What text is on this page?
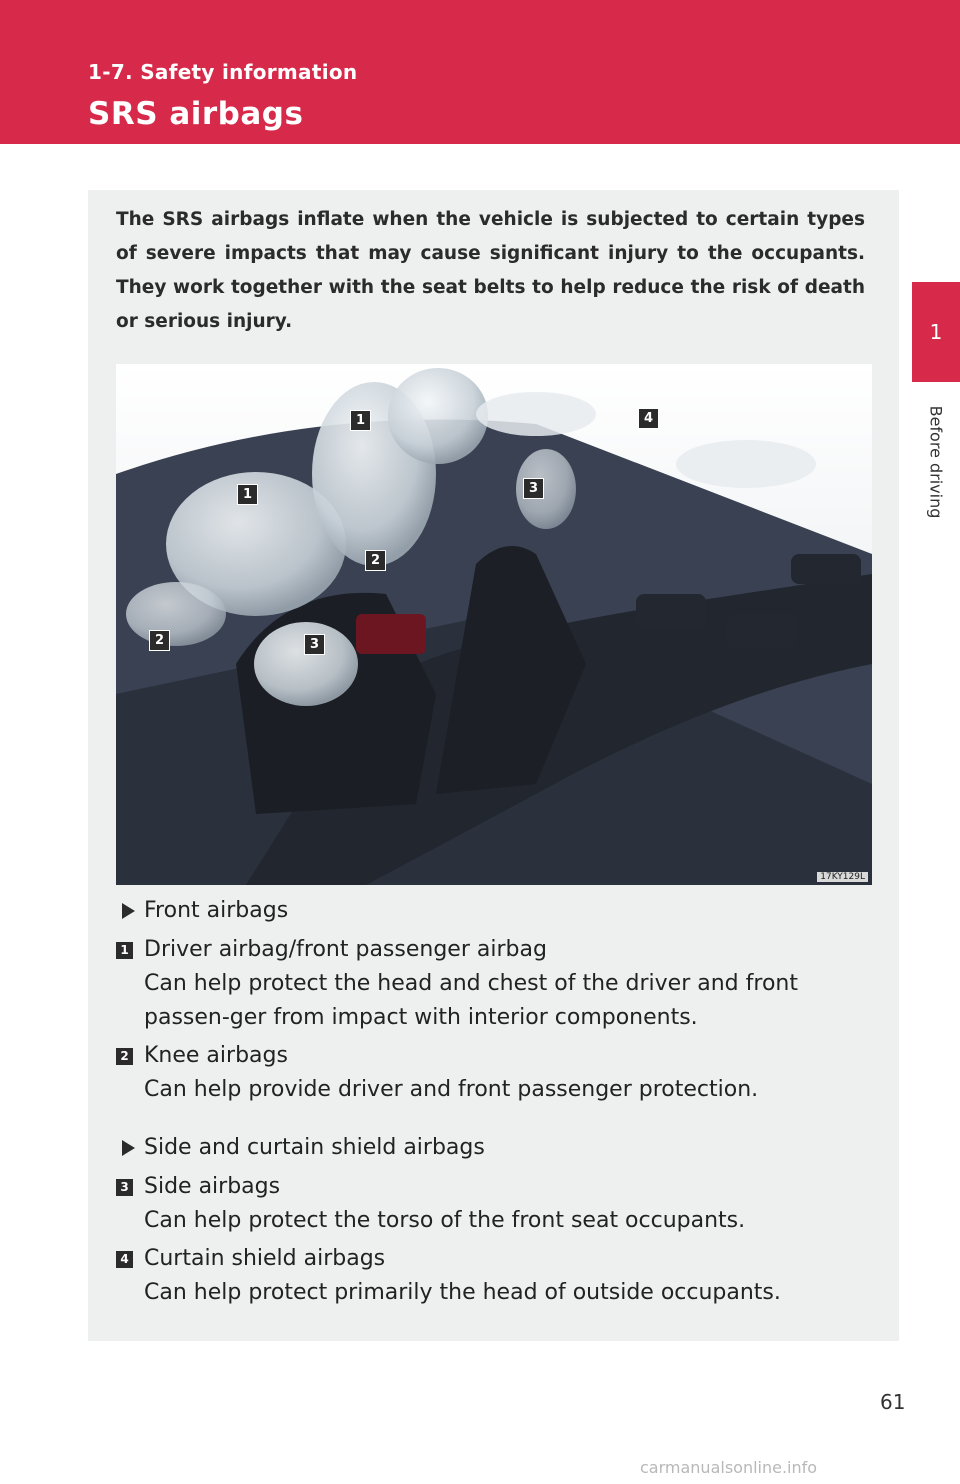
1-7. Safety information
SRS airbags
1
Before driving
The SRS airbags inflate when the vehicle is subjected to certain types of severe impacts that may cause significant injury to the occupants. They work together with the seat belts to help reduce the risk of death or serious injury.
1
1
4
3
2
2	3
17KY129L
Front airbags
1 Driver airbag/front passenger airbag
Can help protect the head and chest of the driver and front passen-ger from impact with interior components.
2 Knee airbags
Can help provide driver and front passenger protection.
Side and curtain shield airbags
3 Side airbags
Can help protect the torso of the front seat occupants.
4 Curtain shield airbags
Can help protect primarily the head of outside occupants.
61
carmanualsonline.info
